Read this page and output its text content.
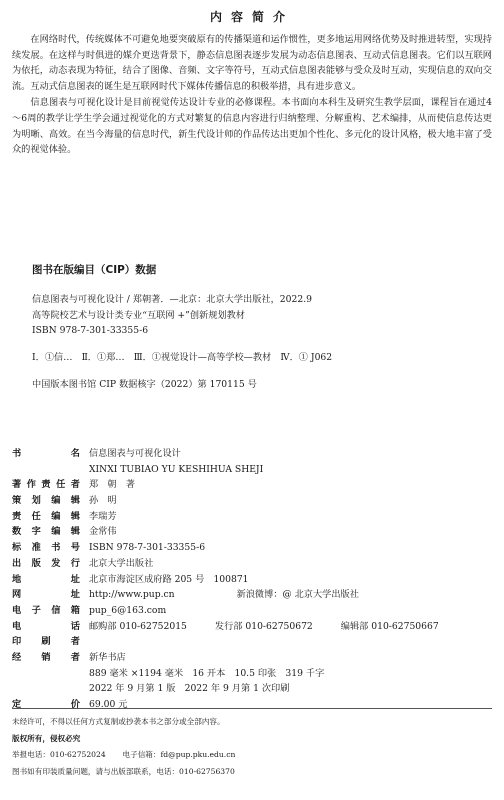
内容简介

在网络时代，传统媒体不可避免地要突破原有的传播渠道和运作惯性，更多地运用网络优势及时推进转型，实现持续发展。在这样与时俱进的媒介更迭背景下，静态信息图表逐步发展为动态信息图表、互动式信息图表。它们以互联网为依托，动态表现为特征，结合了图像、音频、文字等符号，互动式信息图表能够与受众及时互动，实现信息的双向交流。互动式信息图表的诞生是互联网时代下媒体传播信息的积极举措，具有进步意义。

信息图表与可视化设计是目前视觉传达设计专业的必修课程。本书面向本科生及研究生教学层面，课程旨在通过4～6周的教学让学生学会通过视觉化的方式对繁复的信息内容进行归纳整理、分解重构、艺术编排，从而使信息传达更为明晰、高效。在当今海量的信息时代，新生代设计师的作品传达出更加个性化、多元化的设计风格，极大地丰富了受众的视觉体验。

图书在版编目（CIP）数据
信息图表与可视化设计 / 郑朝著．—北京：北京大学出版社，2022.9
高等院校艺术与设计类专业“互联网 +”创新规划教材
ISBN 978-7-301-33355-6
Ⅰ．①信…　Ⅱ．①郑…　Ⅲ．①视觉设计—高等学校—教材　Ⅳ．① J062
中国版本图书馆 CIP 数据核字（2022）第 170115 号
书　　名 信息图表与可视化设计
XINXI TUBIAO YU KESHIHUA SHEJI
著作责任者 郑　朝　著
策划编辑 孙　明
责任编辑 李瑞芳
数字编辑 金常伟
标准书号 ISBN 978-7-301-33355-6
出版发行 北京大学出版社
地　　址 北京市海淀区成府路 205 号　100871
网　　址 http://www.pup.cn	新浪微博：@ 北京大学出版社
电子信箱 pup_6@163.com
电　　话 邮购部 010-62752015	发行部 010-62750672	编辑部 010-62750667
印 刷 者
经 销 者 新华书店
889 毫米 ×1194 毫米　16 开本　10.5 印张　319 千字
2022 年 9 月第 1 版　2022 年 9 月第 1 次印刷
定　　价 69.00 元
未经许可，不得以任何方式复制或抄袭本书之部分或全部内容。
版权所有，侵权必究
举报电话：010-62752024 电子信箱：fd@pup.pku.edu.cn
图书如有印装质量问题，请与出版部联系，电话：010-62756370
